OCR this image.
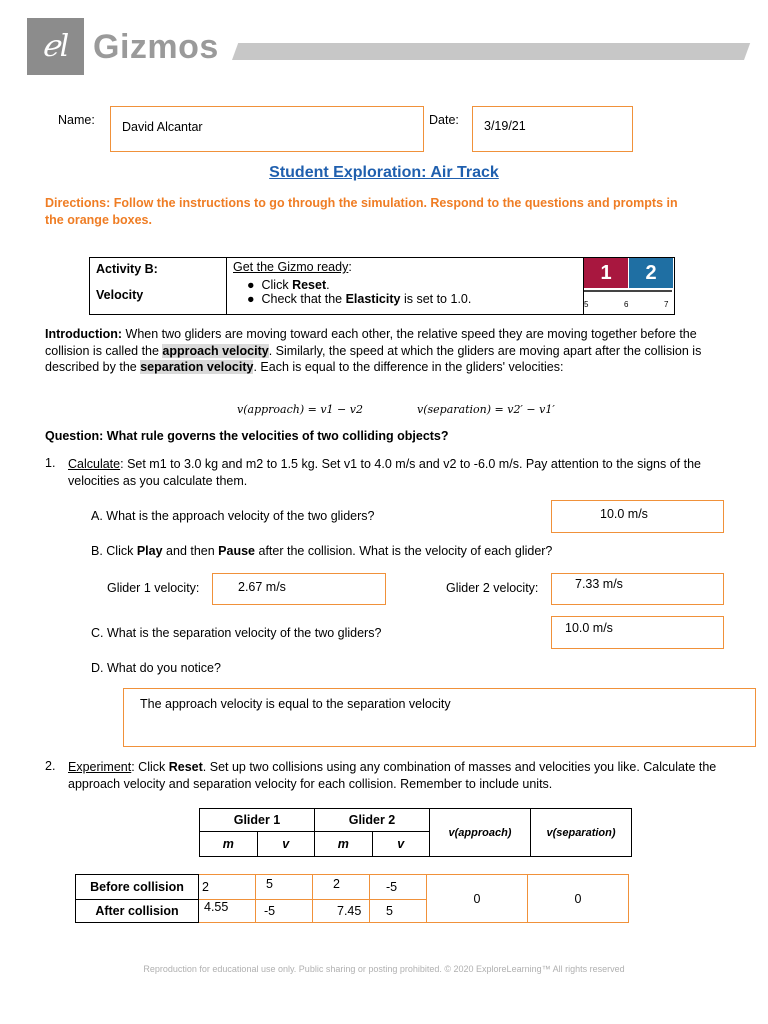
ℯl Gizmos
Name: David Alcantar	Date: 3/19/21
Student Exploration: Air Track
Directions: Follow the instructions to go through the simulation. Respond to the questions and prompts in the orange boxes.
Activity B:
Velocity

Get the Gizmo ready:
●  Click Reset.
●  Check that the Elasticity is set to 1.0.

1	2
5	6	7
Introduction: When two gliders are moving toward each other, the relative speed they are moving together before the collision is called the approach velocity. Similarly, the speed at which the gliders are moving apart after the collision is described by the separation velocity. Each is equal to the difference in the gliders' velocities:
v(approach) = v1 − v2	v(separation) = v2′ − v1′
Question: What rule governs the velocities of two colliding objects?
1. Calculate: Set m1 to 3.0 kg and m2 to 1.5 kg. Set v1 to 4.0 m/s and v2 to -6.0 m/s. Pay attention to the signs of the velocities as you calculate them.
A. What is the approach velocity of the two gliders?	10.0 m/s
B. Click Play and then Pause after the collision. What is the velocity of each glider?
Glider 1 velocity:	2.67 m/s	Glider 2 velocity:	7.33 m/s
C. What is the separation velocity of the two gliders?	10.0 m/s
D. What do you notice?
The approach velocity is equal to the separation velocity
2. Experiment: Click Reset. Set up two collisions using any combination of masses and velocities you like. Calculate the approach velocity and separation velocity for each collision. Remember to include units.
Glider 1		Glider 2		v(approach)	v(separation)
m	v	m	v		
Before collision	2	5	2	-5	0	0
After collision	4.55	-5	7.45	5		
Reproduction for educational use only. Public sharing or posting prohibited. © 2020 ExploreLearning™ All rights reserved
